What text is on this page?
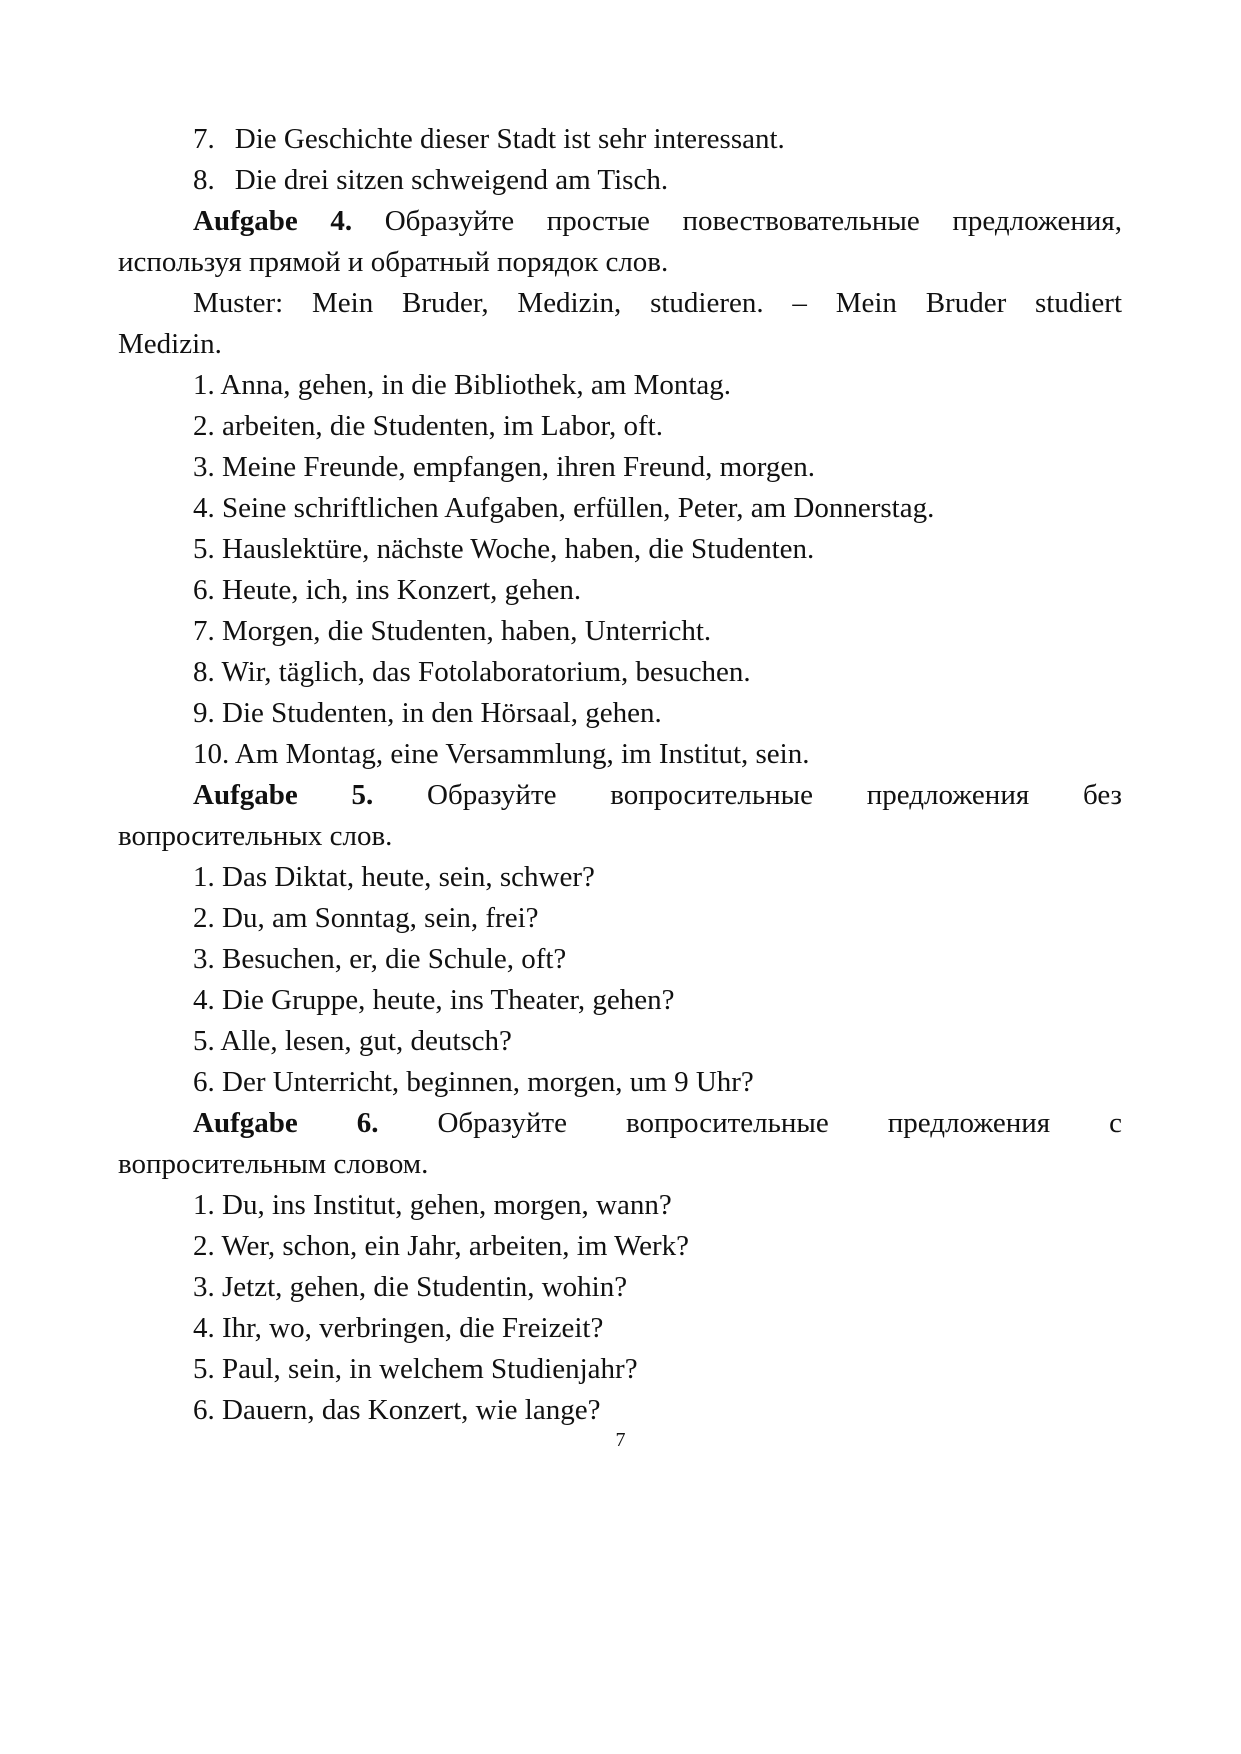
7. Die Geschichte dieser Stadt ist sehr interessant.
8. Die drei sitzen schweigend am Tisch.
Aufgabe 4. Образуйте простые повествовательные предложения,
используя прямой и обратный порядок слов.
Muster: Mein Bruder, Medizin, studieren. – Mein Bruder studiert
Medizin.
1. Anna, gehen, in die Bibliothek, am Montag.
2. arbeiten, die Studenten, im Labor, oft.
3. Meine Freunde, empfangen, ihren Freund, morgen.
4. Seine schriftlichen Aufgaben, erfüllen, Peter, am Donnerstag.
5. Hauslektüre, nächste Woche, haben, die Studenten.
6. Heute, ich, ins Konzert, gehen.
7. Morgen, die Studenten, haben, Unterricht.
8. Wir, täglich, das Fotolaboratorium, besuchen.
9. Die Studenten, in den Hörsaal, gehen.
10. Am Montag, eine Versammlung, im Institut, sein.
Aufgabe 5. Образуйте вопросительные предложения без
вопросительных слов.
1. Das Diktat, heute, sein, schwer?
2. Du, am Sonntag, sein, frei?
3. Besuchen, er, die Schule, oft?
4. Die Gruppe, heute, ins Theater, gehen?
5. Alle, lesen, gut, deutsch?
6. Der Unterricht, beginnen, morgen, um 9 Uhr?
Aufgabe 6. Образуйте вопросительные предложения с
вопросительным словом.
1. Du, ins Institut, gehen, morgen, wann?
2. Wer, schon, ein Jahr, arbeiten, im Werk?
3. Jetzt, gehen, die Studentin, wohin?
4. Ihr, wo, verbringen, die Freizeit?
5. Paul, sein, in welchem Studienjahr?
6. Dauern, das Konzert, wie lange?
7
